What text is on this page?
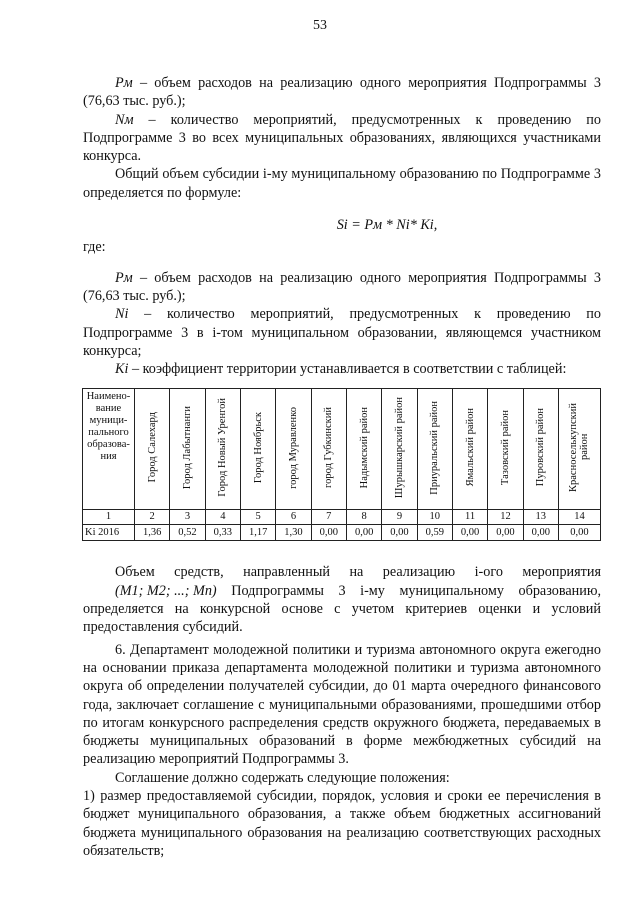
53

Pм – объем расходов на реализацию одного мероприятия Подпрограммы 3 (76,63 тыс. руб.);

Nм – количество мероприятий, предусмотренных к проведению по Подпрограмме 3 во всех муниципальных образованиях, являющихся участниками конкурса.

Общий объем субсидии i-му муниципальному образованию по Подпрограмме 3 определяется по формуле:

Si = Pм * Ni* Ki,
где:

Pм – объем расходов на реализацию одного мероприятия Подпрограммы 3 (76,63 тыс. руб.);

Ni – количество мероприятий, предусмотренных к проведению по Подпрограмме 3 в i-том муниципальном образовании, являющемся участником конкурса;

Ki – коэффициент территории устанавливается в соответствии с таблицей:

Наимено-вание муници-пального образова-ния	Город Салехард	Город Лабытнанги	Город Новый Уренгой	Город Ноябрьск	город Муравленко	город Губкинский	Надымский район	Шурышкарский район	Приуральский район	Ямальский район	Тазовский район	Пуровский район	Красноселькупский район
1	2	3	4	5	6	7	8	9	10	11	12	13	14
Ki 2016	1,36	0,52	0,33	1,17	1,30	0,00	0,00	0,00	0,59	0,00	0,00	0,00	0,00

Объем средств, направленный на реализацию i-ого мероприятия (M1; M2; ...; Mn) Подпрограммы 3 i-му муниципальному образованию, определяется на конкурсной основе с учетом критериев оценки и условий предоставления субсидий.

6. Департамент молодежной политики и туризма автономного округа ежегодно на основании приказа департамента молодежной политики и туризма автономного округа об определении получателей субсидии, до 01 марта очередного финансового года, заключает соглашение с муниципальными образованиями, прошедшими отбор по итогам конкурсного распределения средств окружного бюджета, передаваемых в бюджеты муниципальных образований в форме межбюджетных субсидий на реализацию мероприятий Подпрограммы 3.

Соглашение должно содержать следующие положения:

1) размер предоставляемой субсидии, порядок, условия и сроки ее перечисления в бюджет муниципального образования, а также объем бюджетных ассигнований бюджета муниципального образования на реализацию соответствующих расходных обязательств;
